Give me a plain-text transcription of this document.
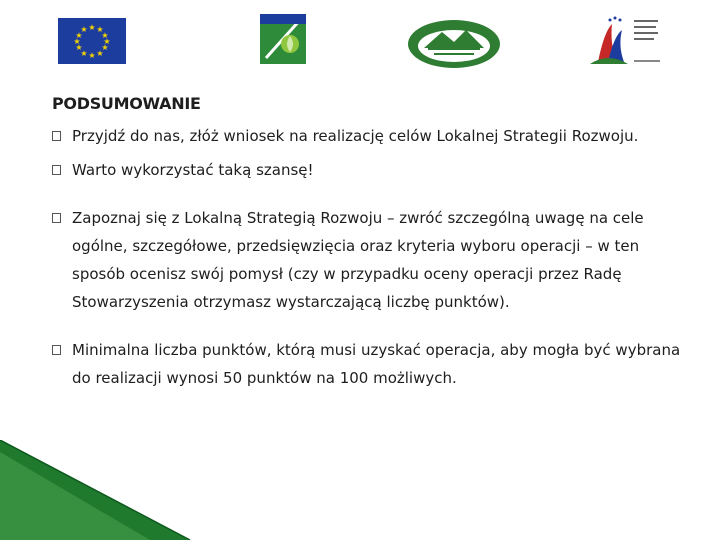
★ ★
★
★
★
★
★
★
★
★
★
★
PODSUMOWANIE
Przyjdź do nas, złóż wniosek na realizację celów Lokalnej Strategii Rozwoju.
Warto wykorzystać taką szansę!
Zapoznaj się z Lokalną Strategią Rozwoju – zwróć szczególną uwagę na cele ogólne, szczegółowe, przedsięwzięcia oraz kryteria wyboru operacji – w ten sposób ocenisz swój pomysł (czy w przypadku oceny operacji przez Radę Stowarzyszenia otrzymasz wystarczającą liczbę punktów).
Minimalna liczba punktów, którą musi uzyskać operacja, aby mogła być wybrana do realizacji wynosi 50 punktów na 100 możliwych.
